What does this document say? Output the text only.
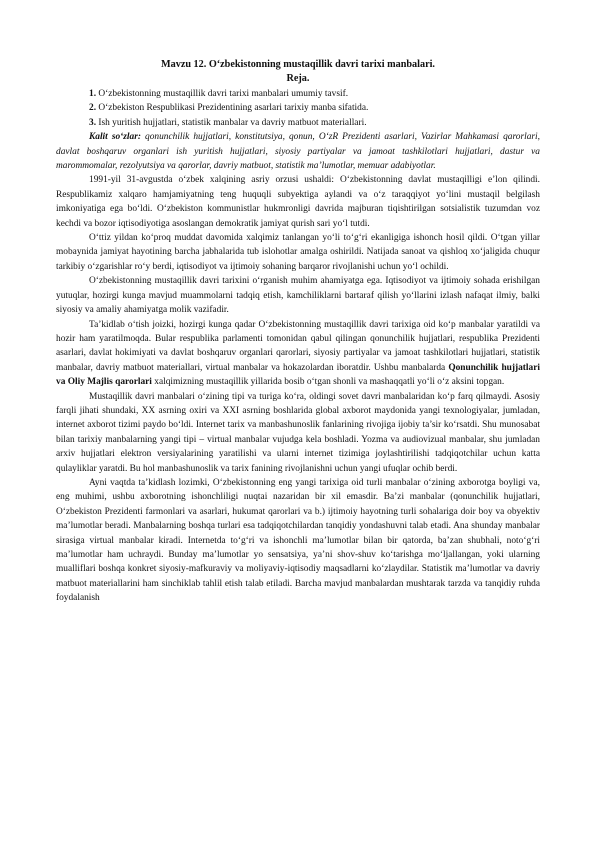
Mavzu 12. O‘zbekistonning mustaqillik davri tarixi manbalari.

Reja.

1. O‘zbekistonning mustaqillik davri tarixi manbalari umumiy tavsif.
2. O‘zbekiston Respublikasi Prezidentining asarlari tarixiy manba sifatida.
3. Ish yuritish hujjatlari, statistik manbalar va davriy matbuot materiallari.

Kalit so‘zlar: qonunchilik hujjatlari, konstitutsiya, qonun, O‘zR Prezidenti asarlari, Vazirlar Mahkamasi qarorlari, davlat boshqaruv organlari ish yuritish hujjatlari, siyosiy partiyalar va jamoat tashkilotlari hujjatlari, dastur va marommomalar, rezolyutsiya va qarorlar, davriy matbuot, statistik ma’lumotlar, memuar adabiyotlar.

1991-yil 31-avgustda o‘zbek xalqining asriy orzusi ushaldi: O‘zbekistonning davlat mustaqilligi e’lon qilindi. Respublikamiz xalqaro hamjamiyatning teng huquqli subyektiga aylandi va o‘z taraqqiyot yo‘lini mustaqil belgilash imkoniyatiga ega bo‘ldi. O‘zbekiston kommunistlar hukmronligi davrida majburan tiqishtirilgan sotsialistik tuzumdan voz kechdi va bozor iqtisodiyotiga asoslangan demokratik jamiyat qurish sari yo‘l tutdi.

O‘ttiz yildan ko‘proq muddat davomida xalqimiz tanlangan yo‘li to‘g‘ri ekanligiga ishonch hosil qildi. O‘tgan yillar mobaynida jamiyat hayotining barcha jabhalarida tub islohotlar amalga oshirildi. Natijada sanoat va qishloq xo‘jaligida chuqur tarkibiy o‘zgarishlar ro‘y berdi, iqtisodiyot va ijtimoiy sohaning barqaror rivojlanishi uchun yo‘l ochildi.

O‘zbekistonning mustaqillik davri tarixini o‘rganish muhim ahamiyatga ega. Iqtisodiyot va ijtimoiy sohada erishilgan yutuqlar, hozirgi kunga mavjud muammolarni tadqiq etish, kamchiliklarni bartaraf qilish yo‘llarini izlash nafaqat ilmiy, balki siyosiy va amaliy ahamiyatga molik vazifadir.

Ta’kidlab o‘tish joizki, hozirgi kunga qadar O‘zbekistonning mustaqillik davri tarixiga oid ko‘p manbalar yaratildi va hozir ham yaratilmoqda. Bular respublika parlamenti tomonidan qabul qilingan qonunchilik hujjatlari, respublika Prezidenti asarlari, davlat hokimiyati va davlat boshqaruv organlari qarorlari, siyosiy partiyalar va jamoat tashkilotlari hujjatlari, statistik manbalar, davriy matbuot materiallari, virtual manbalar va hokazolardan iboratdir. Ushbu manbalarda Qonunchilik hujjatlari va Oliy Majlis qarorlari xalqimizning mustaqillik yillarida bosib o‘tgan shonli va mashaqqatli yo‘li o‘z aksini topgan.

Mustaqillik davri manbalari o‘zining tipi va turiga ko‘ra, oldingi sovet davri manbalaridan ko‘p farq qilmaydi. Asosiy farqli jihati shundaki, XX asrning oxiri va XXI asrning boshlarida global axborot maydonida yangi texnologiyalar, jumladan, internet axborot tizimi paydo bo‘ldi. Internet tarix va manbashunoslik fanlarining rivojiga ijobiy ta’sir ko‘rsatdi. Shu munosabat bilan tarixiy manbalarning yangi tipi – virtual manbalar vujudga kela boshladi. Yozma va audiovizual manbalar, shu jumladan arxiv hujjatlari elektron versiyalarining yaratilishi va ularni internet tizimiga joylashtirilishi tadqiqotchilar uchun katta qulayliklar yaratdi. Bu hol manbashunoslik va tarix fanining rivojlanishni uchun yangi ufuqlar ochib berdi.

Ayni vaqtda ta’kidlash lozimki, O‘zbekistonning eng yangi tarixiga oid turli manbalar o‘zining axborotga boyligi va, eng muhimi, ushbu axborotning ishonchliligi nuqtai nazaridan bir xil emasdir. Ba’zi manbalar (qonunchilik hujjatlari, O‘zbekiston Prezidenti farmonlari va asarlari, hukumat qarorlari va b.) ijtimoiy hayotning turli sohalariga doir boy va obyektiv ma’lumotlar beradi. Manbalarning boshqa turlari esa tadqiqotchilardan tanqidiy yondashuvni talab etadi. Ana shunday manbalar sirasiga virtual manbalar kiradi. Internetda to‘g‘ri va ishonchli ma’lumotlar bilan bir qatorda, ba’zan shubhali, noto‘g‘ri ma’lumotlar ham uchraydi. Bunday ma’lumotlar yo sensatsiya, ya’ni shov-shuv ko‘tarishga mo‘ljallangan, yoki ularning mualliflari boshqa konkret siyosiy-mafkuraviy va moliyaviy-iqtisodiy maqsadlarni ko‘zlaydilar. Statistik ma’lumotlar va davriy matbuot materiallarini ham sinchiklab tahlil etish talab etiladi. Barcha mavjud manbalardan mushtarak tarzda va tanqidiy ruhda foydalanish
